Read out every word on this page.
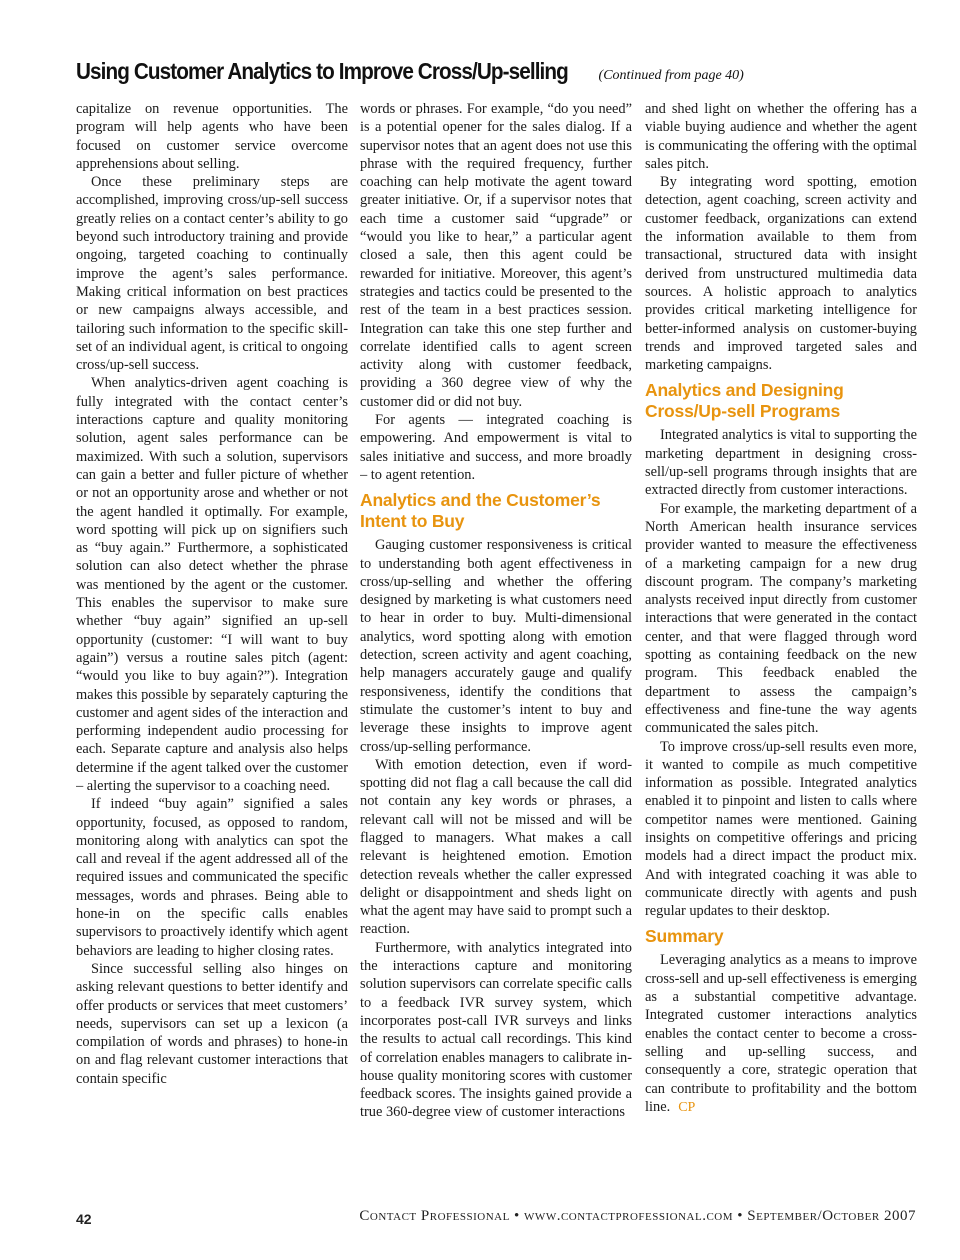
Using Customer Analytics to Improve Cross/Up-selling (Continued from page 40)

capitalize on revenue opportunities. The program will help agents who have been focused on customer service overcome apprehensions about selling.

Once these preliminary steps are accomplished, improving cross/up-sell success greatly relies on a contact center’s ability to go beyond such introductory training and provide ongoing, targeted coaching to continually improve the agent’s sales performance. Making critical information on best practices or new campaigns always accessible, and tailoring such information to the specific skill-set of an individual agent, is critical to ongoing cross/up-sell success.

When analytics-driven agent coaching is fully integrated with the contact center’s interactions capture and quality monitoring solution, agent sales performance can be maximized. With such a solution, supervisors can gain a better and fuller picture of whether or not an opportunity arose and whether or not the agent handled it optimally. For example, word spotting will pick up on signifiers such as “buy again.” Furthermore, a sophisticated solution can also detect whether the phrase was mentioned by the agent or the customer. This enables the supervisor to make sure whether “buy again” signified an up-sell opportunity (customer: “I will want to buy again”) versus a routine sales pitch (agent: “would you like to buy again?”). Integration makes this possible by separately capturing the customer and agent sides of the interaction and performing independent audio processing for each. Separate capture and analysis also helps determine if the agent talked over the customer – alerting the supervisor to a coaching need.

If indeed “buy again” signified a sales opportunity, focused, as opposed to random, monitoring along with analytics can spot the call and reveal if the agent addressed all of the required issues and communicated the specific messages, words and phrases. Being able to hone-in on the specific calls enables supervisors to proactively identify which agent behaviors are leading to higher closing rates.

Since successful selling also hinges on asking relevant questions to better identify and offer products or services that meet customers’ needs, supervisors can set up a lexicon (a compilation of words and phrases) to hone-in on and flag relevant customer interactions that contain specific

words or phrases. For example, “do you need” is a potential opener for the sales dialog. If a supervisor notes that an agent does not use this phrase with the required frequency, further coaching can help motivate the agent toward greater initiative. Or, if a supervisor notes that each time a customer said “upgrade” or “would you like to hear,” a particular agent closed a sale, then this agent could be rewarded for initiative. Moreover, this agent’s strategies and tactics could be presented to the rest of the team in a best practices session. Integration can take this one step further and correlate identified calls to agent screen activity along with customer feedback, providing a 360 degree view of why the customer did or did not buy.

For agents — integrated coaching is empowering. And empowerment is vital to sales initiative and success, and more broadly – to agent retention.

Analytics and the Customer’s Intent to Buy

Gauging customer responsiveness is critical to understanding both agent effectiveness in cross/up-selling and whether the offering designed by marketing is what customers need to hear in order to buy. Multi-dimensional analytics, word spotting along with emotion detection, screen activity and agent coaching, help managers accurately gauge and qualify responsiveness, identify the conditions that stimulate the customer’s intent to buy and leverage these insights to improve agent cross/up-selling performance.

With emotion detection, even if word-spotting did not flag a call because the call did not contain any key words or phrases, a relevant call will not be missed and will be flagged to managers. What makes a call relevant is heightened emotion. Emotion detection reveals whether the caller expressed delight or disappointment and sheds light on what the agent may have said to prompt such a reaction.

Furthermore, with analytics integrated into the interactions capture and monitoring solution supervisors can correlate specific calls to a feedback IVR survey system, which incorporates post-call IVR surveys and links the results to actual call recordings. This kind of correlation enables managers to calibrate in-house quality monitoring scores with customer feedback scores. The insights gained provide a true 360-degree view of customer interactions

and shed light on whether the offering has a viable buying audience and whether the agent is communicating the offering with the optimal sales pitch.

By integrating word spotting, emotion detection, agent coaching, screen activity and customer feedback, organizations can extend the information available to them from transactional, structured data with insight derived from unstructured multimedia data sources. A holistic approach to analytics provides critical marketing intelligence for better-informed analysis on customer-buying trends and improved targeted sales and marketing campaigns.

Analytics and Designing Cross/Up-sell Programs

Integrated analytics is vital to supporting the marketing department in designing cross-sell/up-sell programs through insights that are extracted directly from customer interactions.

For example, the marketing department of a North American health insurance services provider wanted to measure the effectiveness of a marketing campaign for a new drug discount program. The company’s marketing analysts received input directly from customer interactions that were generated in the contact center, and that were flagged through word spotting as containing feedback on the new program. This feedback enabled the department to assess the campaign’s effectiveness and fine-tune the way agents communicated the sales pitch.

To improve cross/up-sell results even more, it wanted to compile as much competitive information as possible. Integrated analytics enabled it to pinpoint and listen to calls where competitor names were mentioned. Gaining insights on competitive offerings and pricing models had a direct impact the product mix. And with integrated coaching it was able to communicate directly with agents and push regular updates to their desktop.

Summary

Leveraging analytics as a means to improve cross-sell and up-sell effectiveness is emerging as a substantial competitive advantage. Integrated customer interactions analytics enables the contact center to become a cross-selling and up-selling success, and consequently a core, strategic operation that can contribute to profitability and the bottom line. CP

42	Contact Professional • www.contactprofessional.com • September/October 2007
